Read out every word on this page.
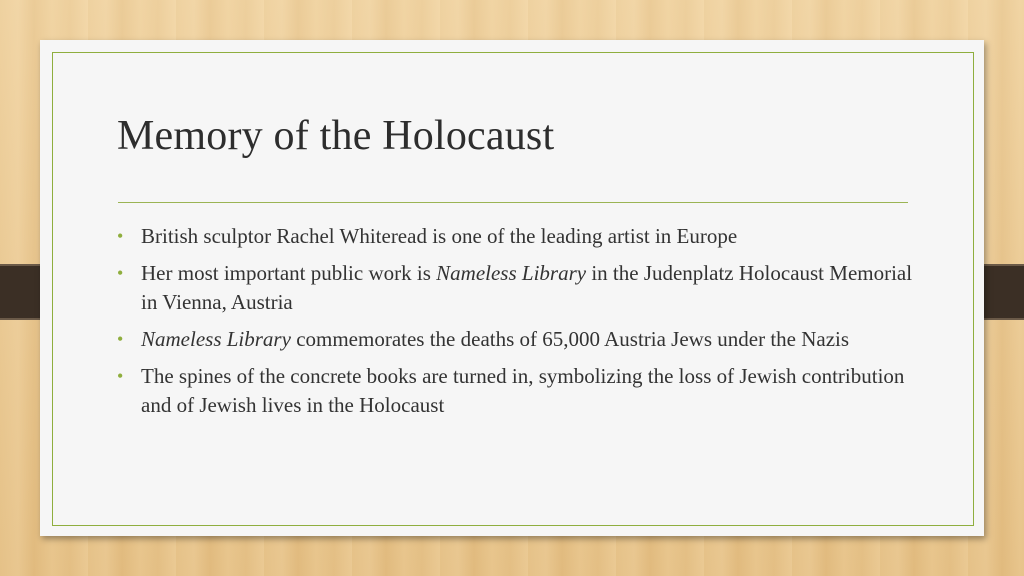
Memory of the Holocaust
• British sculptor Rachel Whiteread is one of the leading artist in Europe
• Her most important public work is Nameless Library in the Judenplatz Holocaust Memorial in Vienna, Austria
• Nameless Library commemorates the deaths of 65,000 Austria Jews under the Nazis
• The spines of the concrete books are turned in, symbolizing the loss of Jewish contribution and of Jewish lives in the Holocaust
